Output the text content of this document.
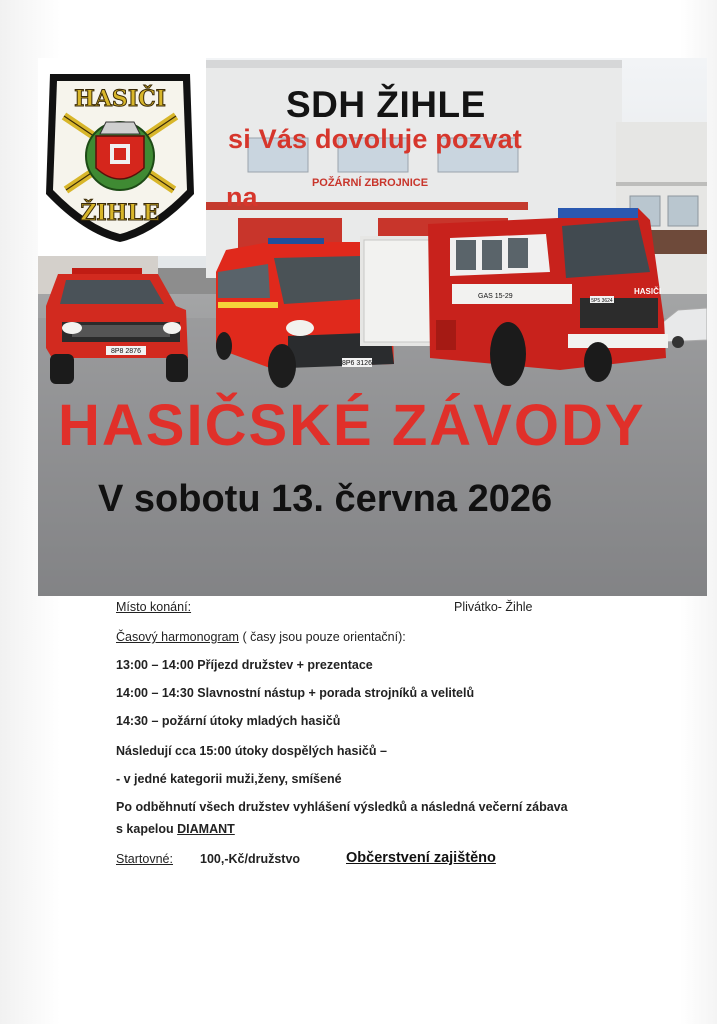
8P8 2876
8P6 3126
GAS 15-29
5P5 3624
HASIČI
POŽÁRNÍ ZBROJNICE
HASIČI
ŽIHLE
SDH ŽIHLE
si Vás dovoluje pozvat
na
HASIČSKÉ ZÁVODY
V sobotu 13. června 2026
Místo konání:	Plivátko- Žihle
Časový harmonogram ( časy jsou pouze orientační):
13:00 – 14:00 Příjezd družstev + prezentace
14:00 – 14:30 Slavnostní nástup + porada strojníků a velitelů
14:30 – požární útoky mladých hasičů
Následují cca 15:00 útoky dospělých hasičů –
- v jedné kategorii muži,ženy, smíšené
Po odběhnutí všech družstev vyhlášení výsledků a následná večerní zábava
s kapelou DIAMANT
Startovné: 100,-Kč/družstvo	Občerstvení zajištěno
